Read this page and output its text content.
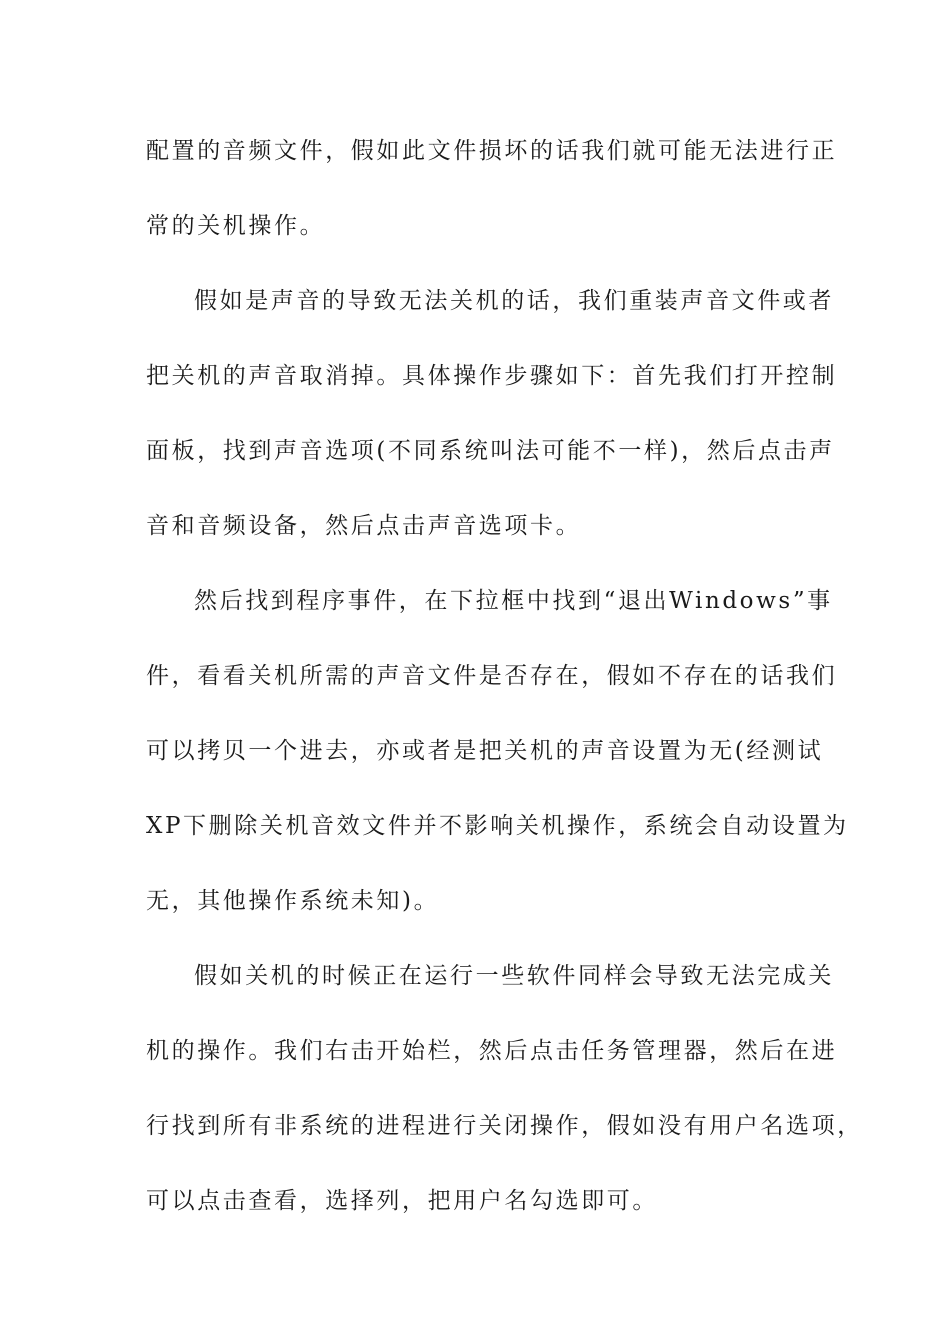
配置的音频文件，假如此文件损坏的话我们就可能无法进行正
常的关机操作。
假如是声音的导致无法关机的话，我们重装声音文件或者
把关机的声音取消掉。具体操作步骤如下：首先我们打开控制
面板，找到声音选项(不同系统叫法可能不一样)，然后点击声
音和音频设备，然后点击声音选项卡。
然后找到程序事件，在下拉框中找到“退出Windows”事
件，看看关机所需的声音文件是否存在，假如不存在的话我们
可以拷贝一个进去，亦或者是把关机的声音设置为无(经测试
XP下删除关机音效文件并不影响关机操作，系统会自动设置为
无，其他操作系统未知)。
假如关机的时候正在运行一些软件同样会导致无法完成关
机的操作。我们右击开始栏，然后点击任务管理器，然后在进
行找到所有非系统的进程进行关闭操作，假如没有用户名选项，
可以点击查看，选择列，把用户名勾选即可。
